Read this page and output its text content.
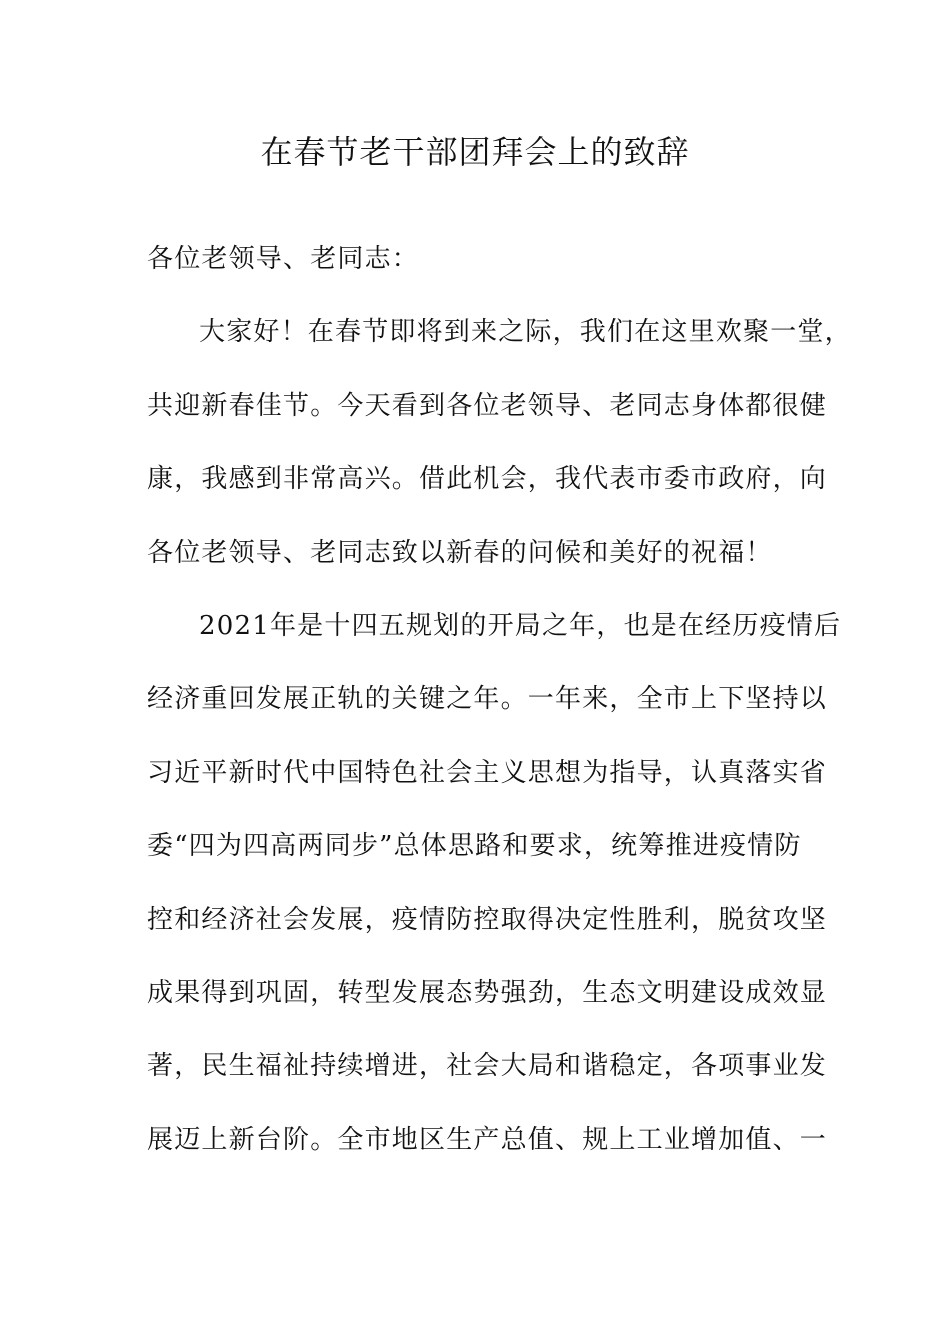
在春节老干部团拜会上的致辞
各位老领导、老同志：
大家好！在春节即将到来之际，我们在这里欢聚一堂，
共迎新春佳节。今天看到各位老领导、老同志身体都很健
康，我感到非常高兴。借此机会，我代表市委市政府，向
各位老领导、老同志致以新春的问候和美好的祝福！
2021年是十四五规划的开局之年，也是在经历疫情后
经济重回发展正轨的关键之年。一年来，全市上下坚持以
习近平新时代中国特色社会主义思想为指导，认真落实省
委“四为四高两同步”总体思路和要求，统筹推进疫情防
控和经济社会发展，疫情防控取得决定性胜利，脱贫攻坚
成果得到巩固，转型发展态势强劲，生态文明建设成效显
著，民生福祉持续增进，社会大局和谐稳定，各项事业发
展迈上新台阶。全市地区生产总值、规上工业增加值、一
